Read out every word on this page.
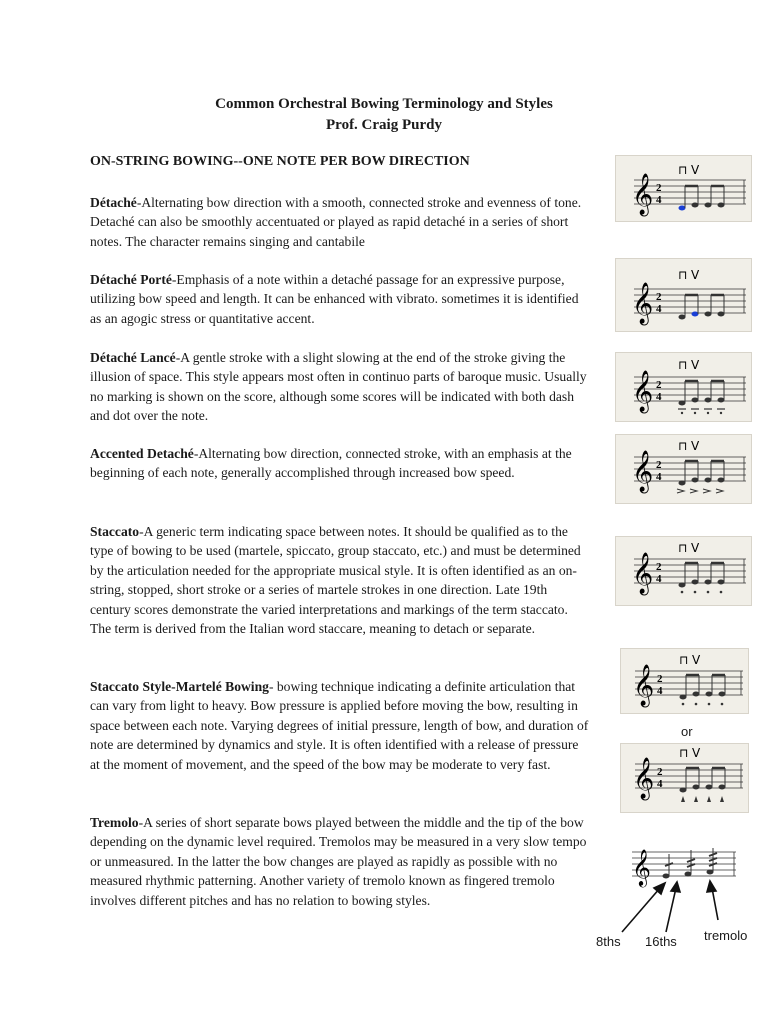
Common Orchestral Bowing Terminology and Styles
Prof. Craig Purdy
ON-STRING BOWING--ONE NOTE PER BOW DIRECTION
Détaché-Alternating bow direction with a smooth, connected stroke and evenness of tone. Detaché can also be smoothly accentuated or played as rapid detaché in a series of short notes. The character remains singing and cantabile
Détaché Porté-Emphasis of a note within a detaché passage for an expressive purpose, utilizing bow speed and length. It can be enhanced with vibrato. sometimes it is identified as an agogic stress or quantitative accent.
Détaché Lancé-A gentle stroke with a slight slowing at the end of the stroke giving the illusion of space. This style appears most often in continuo parts of baroque music. Usually no marking is shown on the score, although some scores will be indicated with both dash and dot over the note.
Accented Detaché-Alternating bow direction, connected stroke, with an emphasis at the beginning of each note, generally accomplished through increased bow speed.
Staccato-A generic term indicating space between notes. It should be qualified as to the type of bowing to be used (martele, spiccato, group staccato, etc.) and must be determined by the articulation needed for the appropriate musical style. It is often identified as an on-string, stopped, short stroke or a series of martele strokes in one direction. Late 19th century scores demonstrate the varied interpretations and markings of the term staccato. The term is derived from the Italian word staccare, meaning to detach or separate.
Staccato Style-Martelé Bowing- bowing technique indicating a definite articulation that can vary from light to heavy. Bow pressure is applied before moving the bow, resulting in space between each note. Varying degrees of initial pressure, length of bow, and duration of note are determined by dynamics and style. It is often identified with a release of pressure at the moment of movement, and the speed of the bow may be moderate to very fast.
Tremolo-A series of short separate bows played between the middle and the tip of the bow depending on the dynamic level required. Tremolos may be measured in a very slow tempo or unmeasured. In the latter the bow changes are played as rapidly as possible with no measured rhythmic patterning. Another variety of tremolo known as fingered tremolo involves different pitches and has no relation to bowing styles.
𝄞 2
4
⊓ V
𝄞 2
4
⊓ V
𝄞 2
4
⊓ V
𝄞 2
4
⊓ V
𝄞 2
4
⊓ V
𝄞 2
4
⊓ V
or
𝄞 2
4
⊓ V
𝄞
8ths 16ths tremolo
